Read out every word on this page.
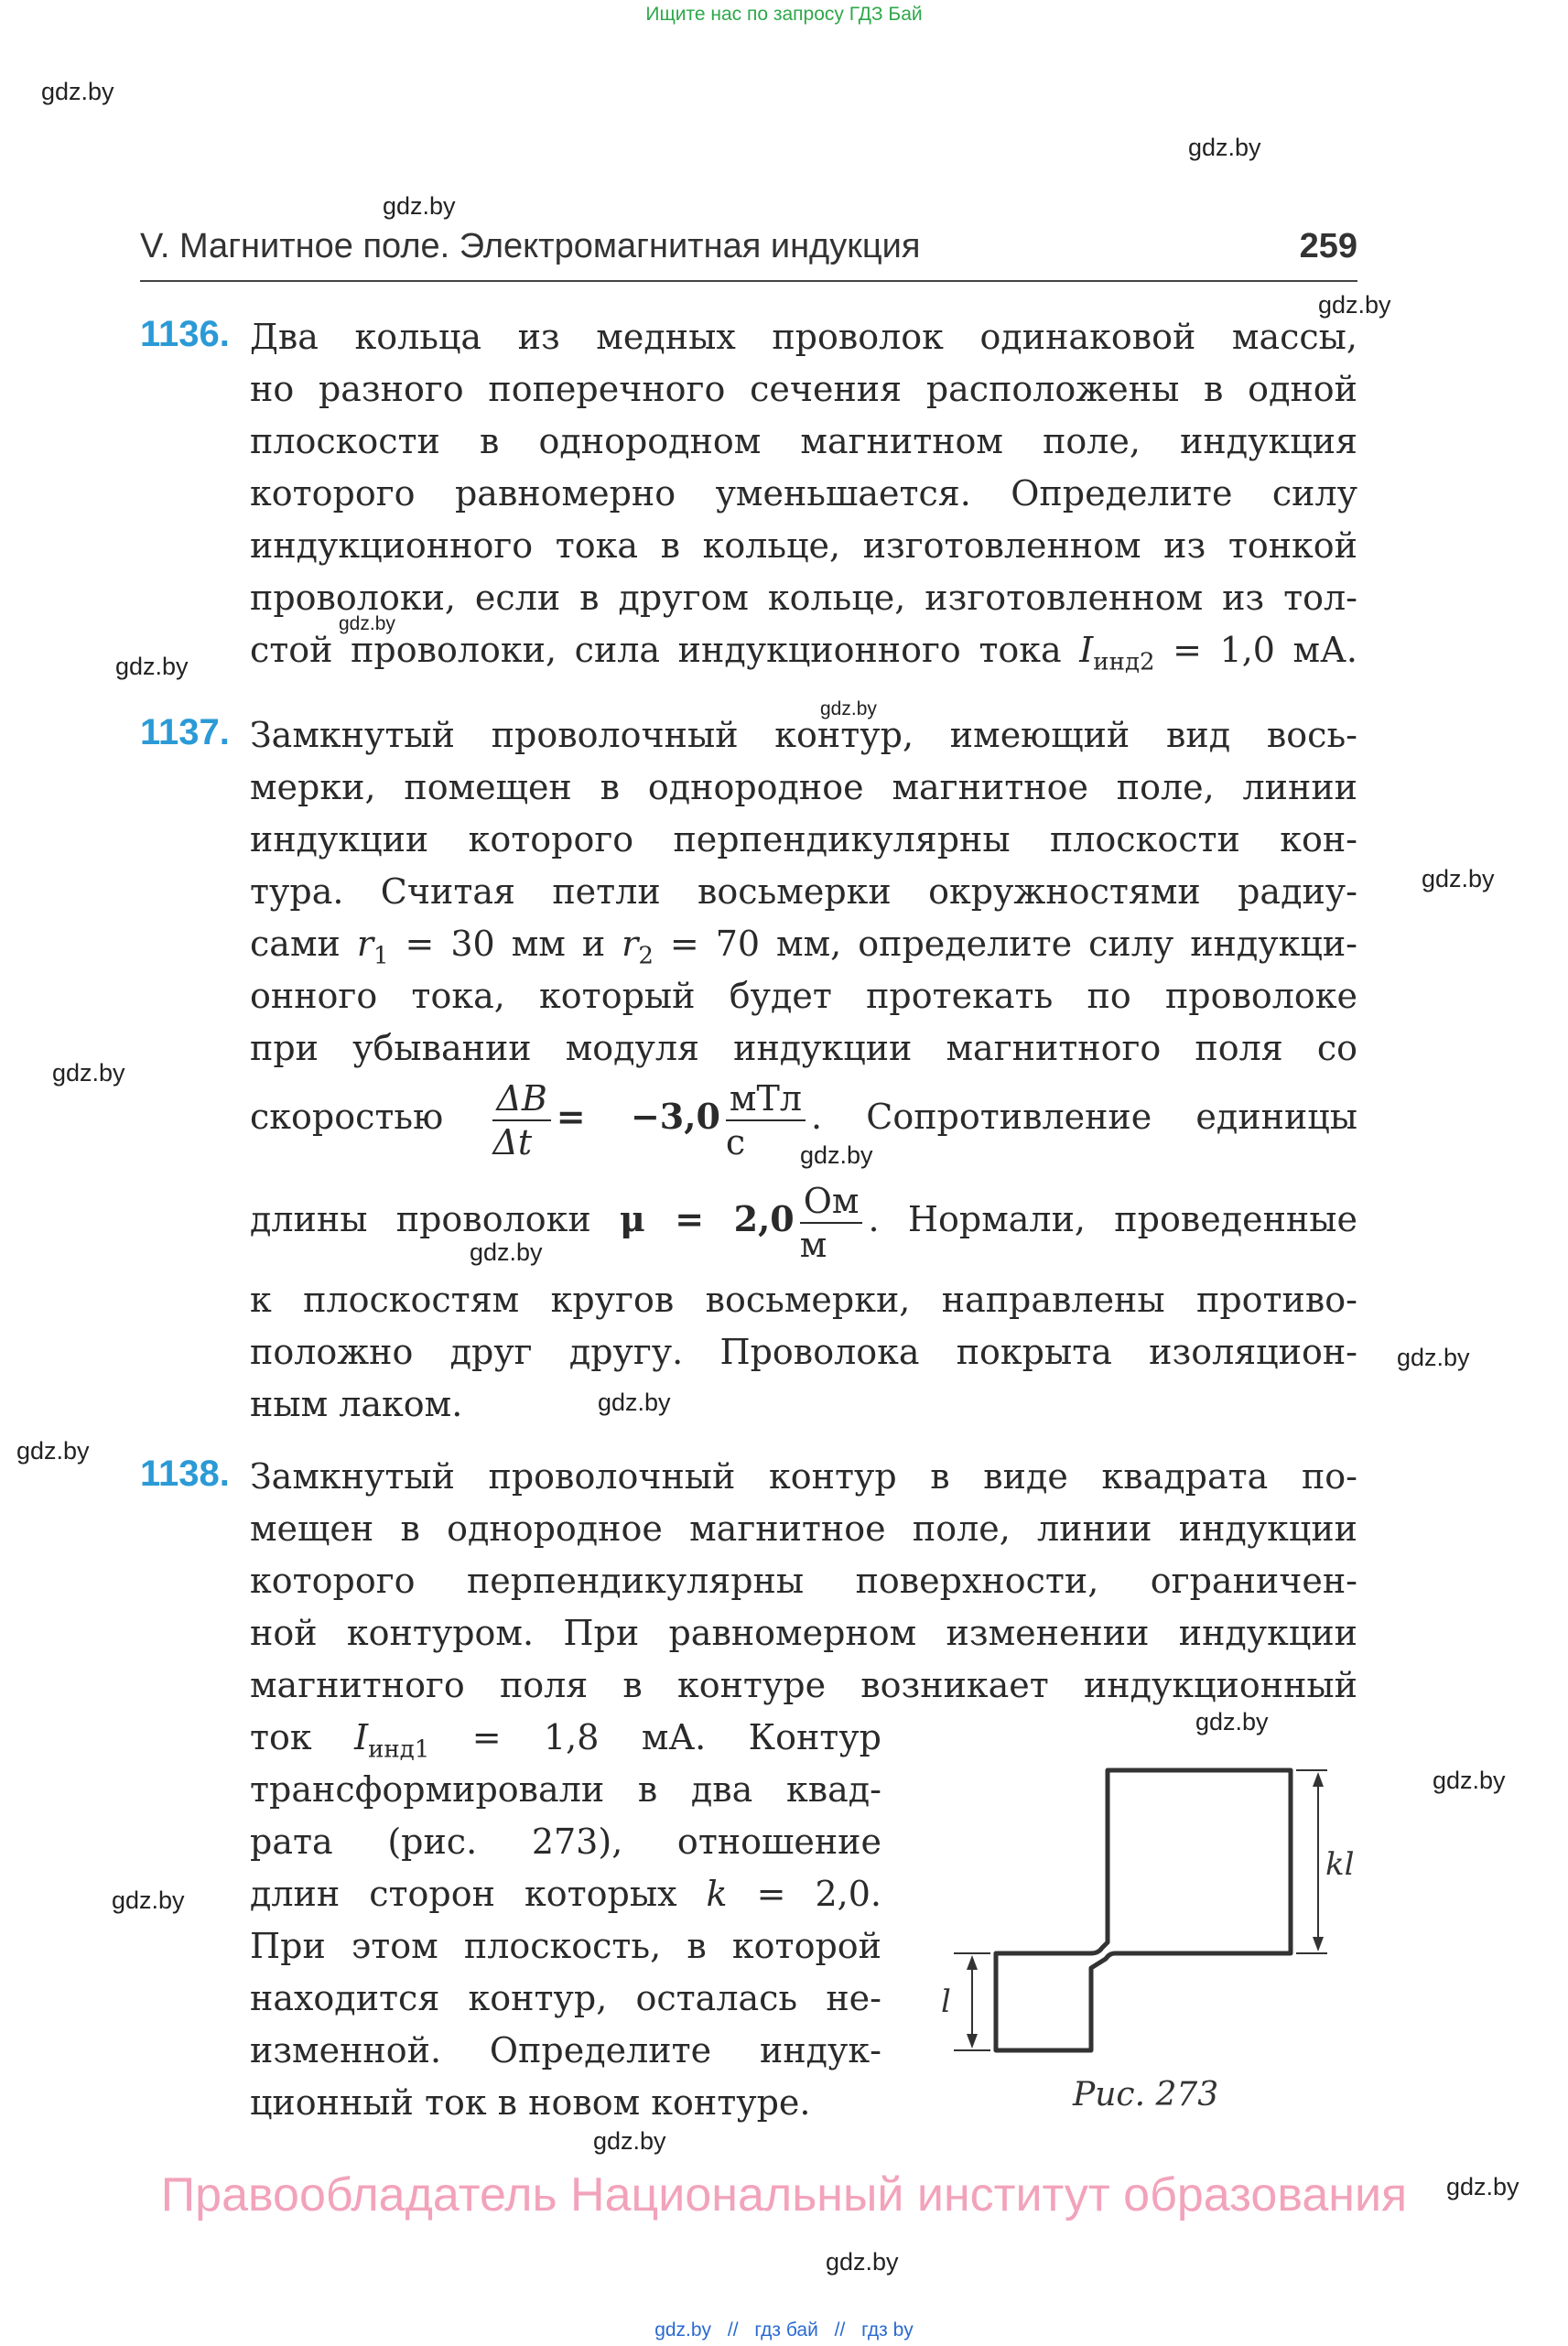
Ищите нас по запросу ГДЗ Бай
gdz.by
gdz.by
gdz.by
gdz.by
gdz.by
gdz.by
gdz.by
gdz.by
gdz.by
gdz.by
gdz.by
gdz.by
gdz.by
gdz.by
gdz.by
gdz.by
gdz.by
gdz.by
gdz.by
gdz.by
V. Магнитное поле. Электромагнитная индукция	259
1136. Два кольца из медных проволок одинаковой массы,
но разного поперечного сечения расположены в одной
плоскости в однородном магнитном поле, индукция
которого равномерно уменьшается. Определите силу
индукционного тока в кольце, изготовленном из тонкой
проволоки, если в другом кольце, изготовленном из тол-
стой проволоки, сила индукционного тока $I_{инд2} = 1,0$ мА.
1137. Замкнутый проволочный контур, имеющий вид вось-
мерки, помещен в однородное магнитное поле, линии
индукции которого перпендикулярны плоскости кон-
тура. Считая петли восьмерки окружностями радиу-
сами $r_1 = 30$ мм и $r_2 = 70$ мм, определите силу индукци-
онного тока, который будет протекать по проволоке
при убывании модуля индукции магнитного поля со
скоростью $\frac{\Delta B}{\Delta t} = -3,0 \frac{\text{мТл}}{с}$ . Сопротивление единицы
длины проволоки $\mu = 2,0 \frac{Ом}{м}$ . Нормали, проведенные
к плоскостям кругов восьмерки, направлены противо-
положно друг другу. Проволока покрыта изоляцион-
ным лаком.
1138. Замкнутый проволочный контур в виде квадрата по-
мещен в однородное магнитное поле, линии индукции
которого перпендикулярны поверхности, ограничен-
ной контуром. При равномерном изменении индукции
магнитного поля в контуре возникает индукционный
ток $I_{инд1} = 1,8$ мА. Контур
трансформировали в два квад-
рата (рис. 273), отношение
длин сторон которых k = 2,0.
При этом плоскость, в которой
находится контур, осталась не-
изменной. Определите индук-
ционный ток в новом контуре.
kl
l
Рис. 273
Правообладатель Национальный институт образования
gdz.by // гдз бай // гдз by
